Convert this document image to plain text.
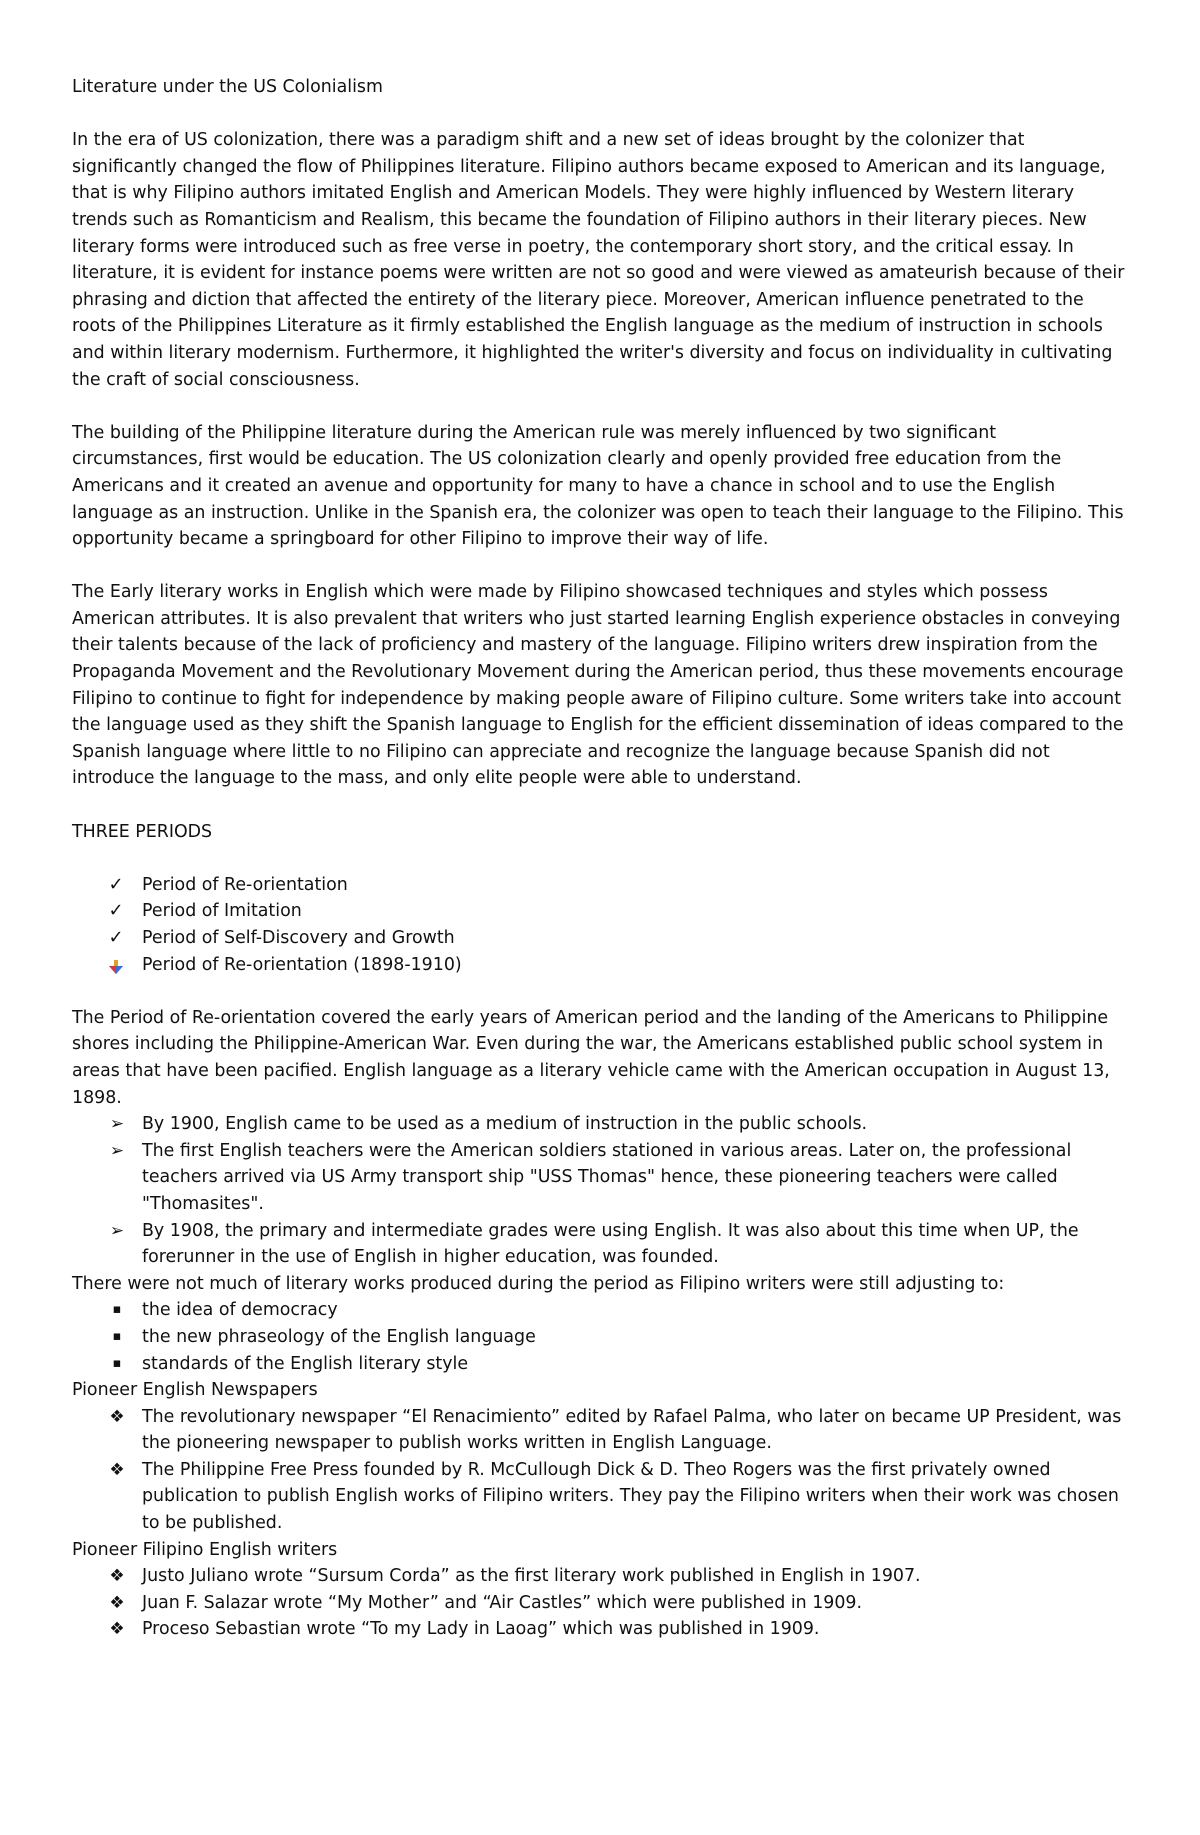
Literature under the US Colonialism

In the era of US colonization, there was a paradigm shift and a new set of ideas brought by the colonizer that significantly changed the flow of Philippines literature. Filipino authors became exposed to American and its language, that is why Filipino authors imitated English and American Models. They were highly influenced by Western literary trends such as Romanticism and Realism, this became the foundation of Filipino authors in their literary pieces. New literary forms were introduced such as free verse in poetry, the contemporary short story, and the critical essay. In literature, it is evident for instance poems were written are not so good and were viewed as amateurish because of their phrasing and diction that affected the entirety of the literary piece. Moreover, American influence penetrated to the roots of the Philippines Literature as it firmly established the English language as the medium of instruction in schools and within literary modernism. Furthermore, it highlighted the writer's diversity and focus on individuality in cultivating the craft of social consciousness.

The building of the Philippine literature during the American rule was merely influenced by two significant circumstances, first would be education. The US colonization clearly and openly provided free education from the Americans and it created an avenue and opportunity for many to have a chance in school and to use the English language as an instruction. Unlike in the Spanish era, the colonizer was open to teach their language to the Filipino. This opportunity became a springboard for other Filipino to improve their way of life.

The Early literary works in English which were made by Filipino showcased techniques and styles which possess American attributes. It is also prevalent that writers who just started learning English experience obstacles in conveying their talents because of the lack of proficiency and mastery of the language. Filipino writers drew inspiration from the Propaganda Movement and the Revolutionary Movement during the American period, thus these movements encourage Filipino to continue to fight for independence by making people aware of Filipino culture. Some writers take into account the language used as they shift the Spanish language to English for the efficient dissemination of ideas compared to the Spanish language where little to no Filipino can appreciate and recognize the language because Spanish did not introduce the language to the mass, and only elite people were able to understand.

THREE PERIODS

✓ Period of Re-orientation
✓ Period of Imitation
✓ Period of Self-Discovery and Growth
Period of Re-orientation (1898-1910)

The Period of Re-orientation covered the early years of American period and the landing of the Americans to Philippine shores including the Philippine-American War. Even during the war, the Americans established public school system in areas that have been pacified. English language as a literary vehicle came with the American occupation in August 13, 1898.

➢ By 1900, English came to be used as a medium of instruction in the public schools.
➢ The first English teachers were the American soldiers stationed in various areas. Later on, the professional teachers arrived via US Army transport ship "USS Thomas" hence, these pioneering teachers were called "Thomasites".
➢ By 1908, the primary and intermediate grades were using English. It was also about this time when UP, the forerunner in the use of English in higher education, was founded.

There were not much of literary works produced during the period as Filipino writers were still adjusting to:

▪	the idea of democracy
▪	the new phraseology of the English language
▪	standards of the English literary style

Pioneer English Newspapers

❖ The revolutionary newspaper “El Renacimiento” edited by Rafael Palma, who later on became UP President, was the pioneering newspaper to publish works written in English Language.
❖ The Philippine Free Press founded by R. McCullough Dick & D. Theo Rogers was the first privately owned publication to publish English works of Filipino writers. They pay the Filipino writers when their work was chosen to be published.

Pioneer Filipino English writers

❖ Justo Juliano wrote “Sursum Corda” as the first literary work published in English in 1907.
❖ Juan F. Salazar wrote “My Mother” and “Air Castles” which were published in 1909.
❖ Proceso Sebastian wrote “To my Lady in Laoag” which was published in 1909.
